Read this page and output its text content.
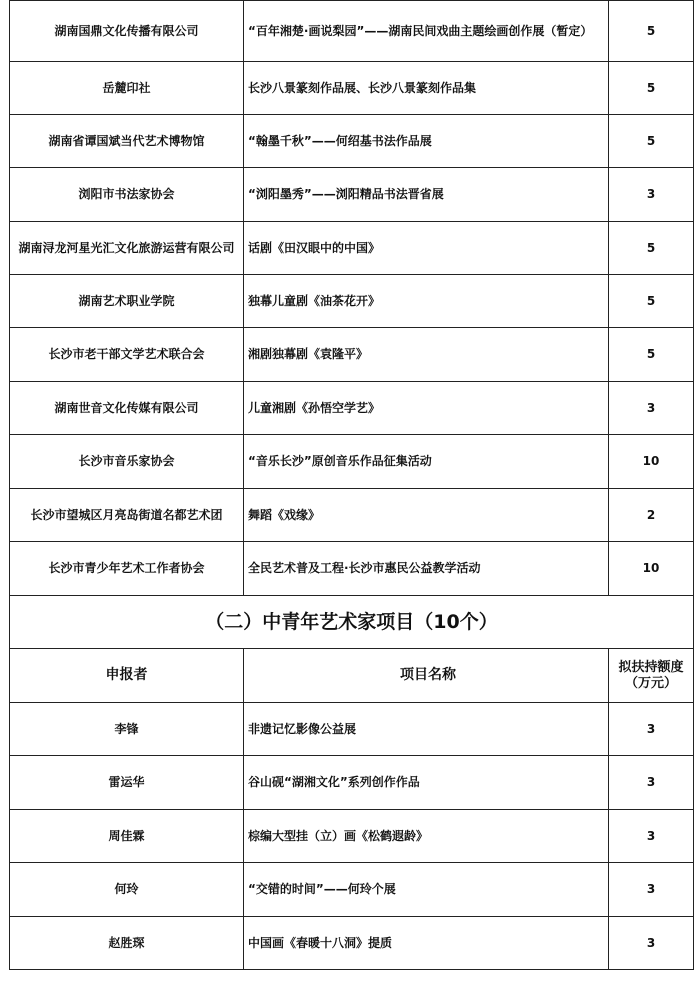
湖南国鼎文化传播有限公司	“百年湘楚·画说梨园”——湖南民间戏曲主题绘画创作展（暂定）	5
岳麓印社	长沙八景篆刻作品展、长沙八景篆刻作品集	5
湖南省谭国斌当代艺术博物馆	“翰墨千秋”——何绍基书法作品展	5
浏阳市书法家协会	“浏阳墨秀”——浏阳精品书法晋省展	3
湖南浔龙河星光汇文化旅游运营有限公司	话剧《田汉眼中的中国》	5
湖南艺术职业学院	独幕儿童剧《油茶花开》	5
长沙市老干部文学艺术联合会	湘剧独幕剧《袁隆平》	5
湖南世音文化传媒有限公司	儿童湘剧《孙悟空学艺》	3
长沙市音乐家协会	“音乐长沙”原创音乐作品征集活动	10
长沙市望城区月亮岛街道名都艺术团	舞蹈《戏缘》	2
长沙市青少年艺术工作者协会	全民艺术普及工程·长沙市惠民公益教学活动	10
（二）中青年艺术家项目（10个）		
申报者	项目名称	拟扶持额度（万元）
李锋	非遗记忆影像公益展	3
雷运华	谷山砚“湖湘文化”系列创作作品	3
周佳霖	棕编大型挂（立）画《松鹤遐龄》	3
何玲	“交错的时间”——何玲个展	3
赵胜琛	中国画《春暖十八洞》提质	3
